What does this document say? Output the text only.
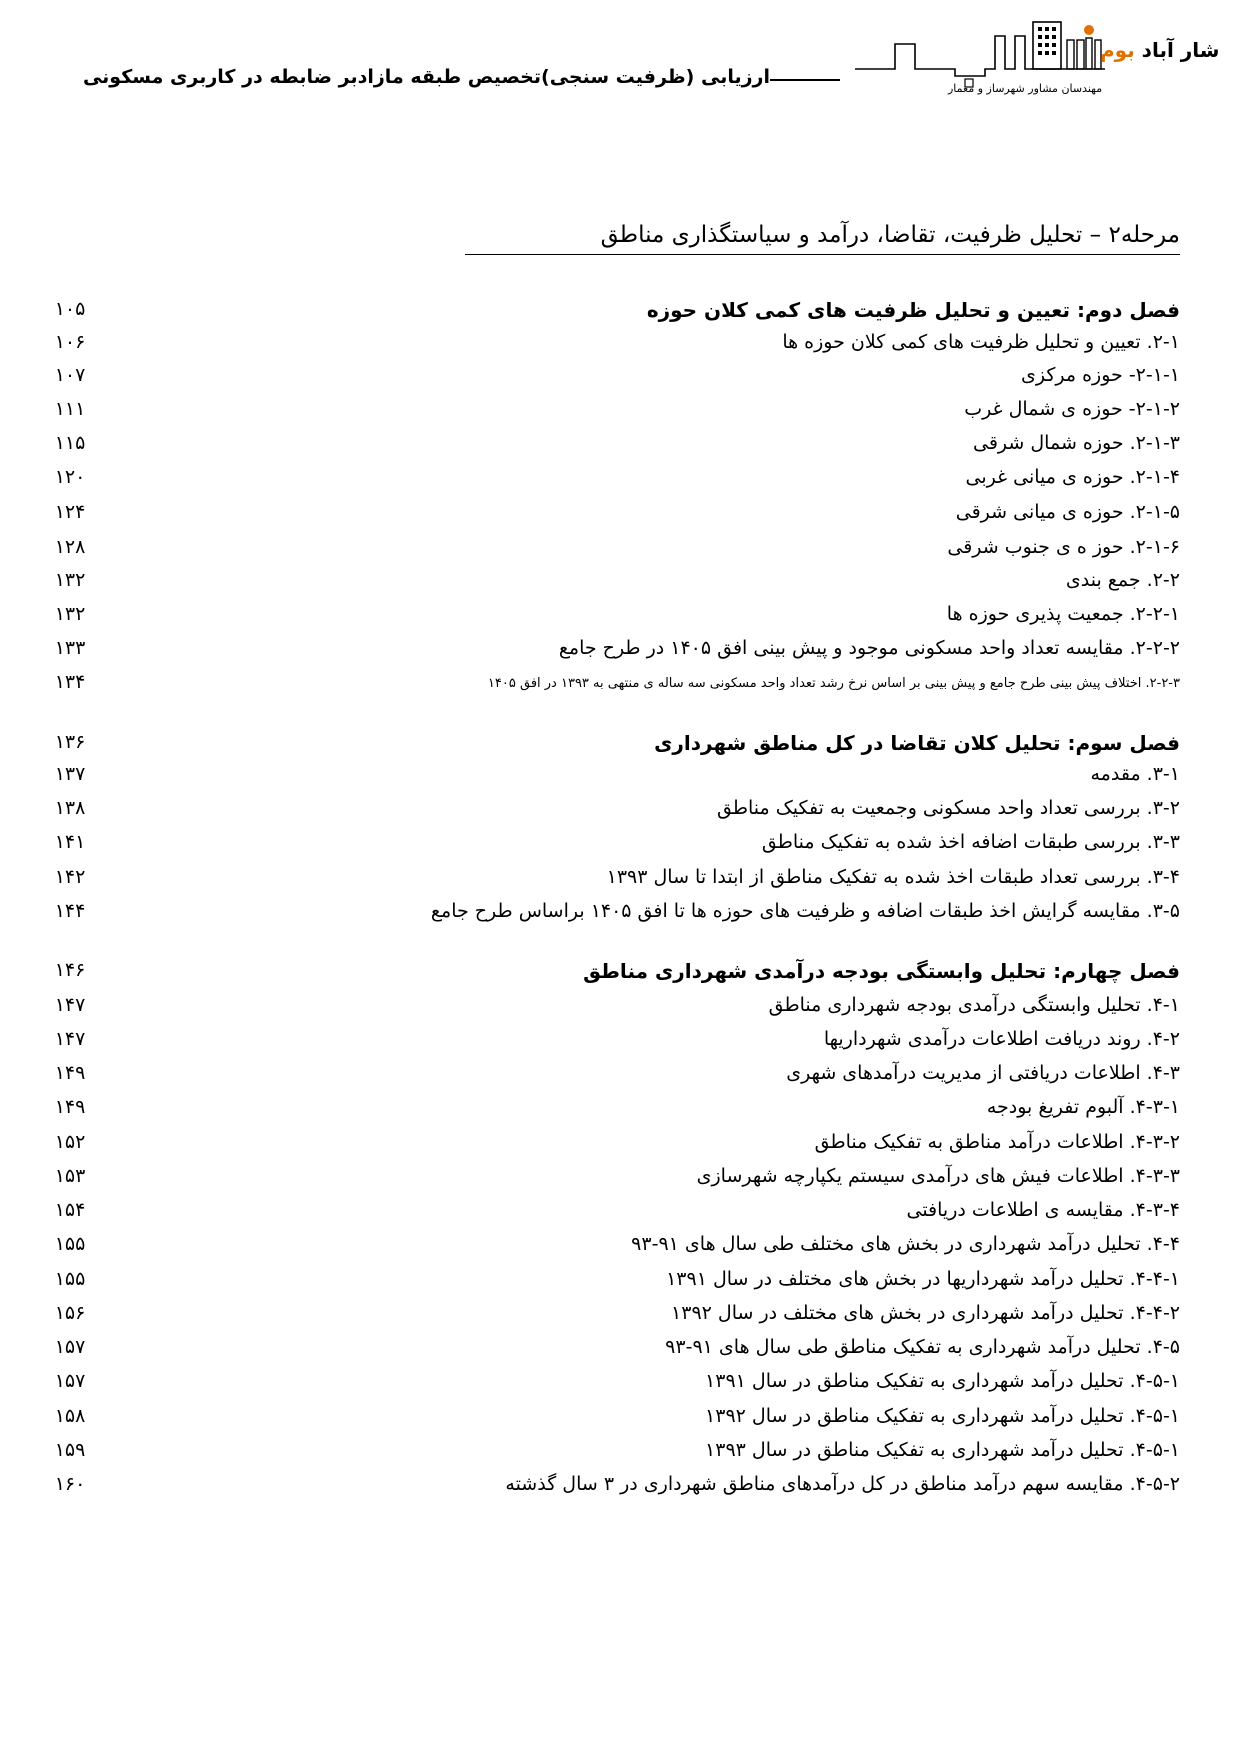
ارزیابی (ظرفیت سنجی)تخصیص طبقه مازادبر ضابطه در کاربری مسکونی
شار آباد بوم
مهندسان مشاور شهرساز و معمار
مرحله۲ – تحلیل ظرفیت، تقاضا، درآمد و سیاستگذاری مناطق
فصل دوم: تعیین و تحلیل ظرفیت های کمی کلان حوزه
۱۰۵
۲-۱. تعیین و تحلیل ظرفیت های کمی کلان حوزه ها
۱۰۶
۲-۱-۱- حوزه مرکزی
۱۰۷
۲-۱-۲- حوزه ی شمال غرب
۱۱۱
۲-۱-۳. حوزه شمال شرقی
۱۱۵
۲-۱-۴. حوزه ی میانی غربی
۱۲۰
۲-۱-۵. حوزه ی میانی شرقی
۱۲۴
۲-۱-۶. حوز ه ی جنوب شرقی
۱۲۸
۲-۲. جمع بندی
۱۳۲
۲-۲-۱. جمعیت پذیری حوزه ها
۱۳۲
۲-۲-۲. مقایسه تعداد واحد مسکونی موجود و پیش بینی افق ۱۴۰۵ در طرح جامع
۱۳۳
۲-۲-۳. اختلاف پیش بینی طرح جامع و پیش بینی بر اساس نرخ رشد تعداد واحد مسکونی سه ساله ی منتهی به ۱۳۹۳ در افق ۱۴۰۵
۱۳۴
فصل سوم: تحلیل کلان تقاضا در کل مناطق شهرداری
۱۳۶
۳-۱. مقدمه
۱۳۷
۳-۲. بررسی تعداد واحد مسکونی وجمعیت به تفکیک مناطق
۱۳۸
۳-۳. بررسی طبقات اضافه اخذ شده به تفکیک مناطق
۱۴۱
۳-۴. بررسی تعداد طبقات اخذ شده به تفکیک مناطق از ابتدا تا سال ۱۳۹۳
۱۴۲
۳-۵. مقایسه گرایش اخذ طبقات اضافه و ظرفیت های حوزه ها تا افق ۱۴۰۵ براساس طرح جامع
۱۴۴
فصل چهارم: تحلیل وابستگی بودجه درآمدی شهرداری مناطق
۱۴۶
۴-۱. تحلیل وابستگی درآمدی بودجه شهرداری مناطق
۱۴۷
۴-۲. روند دریافت اطلاعات درآمدی شهرداریها
۱۴۷
۴-۳. اطلاعات دریافتی از مدیریت درآمدهای شهری
۱۴۹
۴-۳-۱. آلبوم تفریغ بودجه
۱۴۹
۴-۳-۲. اطلاعات درآمد مناطق به تفکیک مناطق
۱۵۲
۴-۳-۳. اطلاعات فیش های درآمدی سیستم یکپارچه شهرسازی
۱۵۳
۴-۳-۴. مقایسه ی اطلاعات دریافتی
۱۵۴
۴-۴. تحلیل درآمد شهرداری در بخش های مختلف طی سال های ۹۱-۹۳
۱۵۵
۴-۴-۱. تحلیل درآمد شهرداریها در بخش های مختلف در سال ۱۳۹۱
۱۵۵
۴-۴-۲. تحلیل درآمد شهرداری در بخش های مختلف در سال ۱۳۹۲
۱۵۶
۴-۵. تحلیل درآمد شهرداری به تفکیک مناطق طی سال های ۹۱-۹۳
۱۵۷
۴-۵-۱. تحلیل درآمد شهرداری به تفکیک مناطق در سال ۱۳۹۱
۱۵۷
۴-۵-۱. تحلیل درآمد شهرداری به تفکیک مناطق در سال ۱۳۹۲
۱۵۸
۴-۵-۱. تحلیل درآمد شهرداری به تفکیک مناطق در سال ۱۳۹۳
۱۵۹
۴-۵-۲. مقایسه سهم درآمد مناطق در کل درآمدهای مناطق شهرداری در ۳ سال گذشته
۱۶۰
